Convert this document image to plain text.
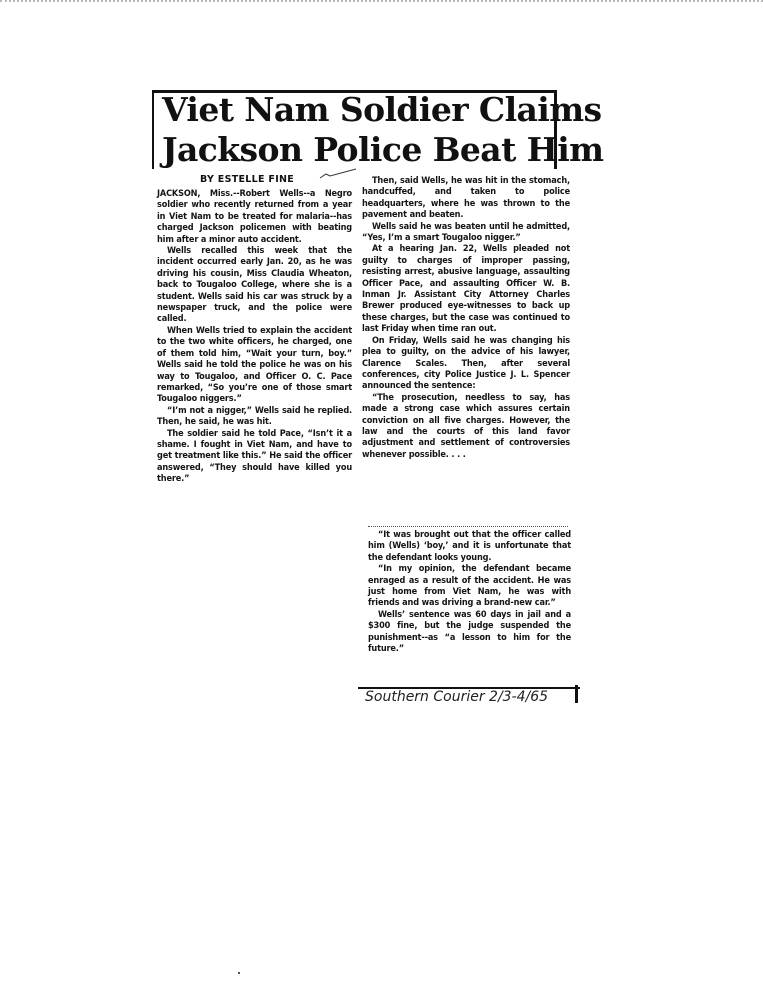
Viet Nam Soldier Claims
Jackson Police Beat Him
BY ESTELLE FINE

JACKSON, Miss.--Robert Wells--a Negro soldier who recently returned from a year in Viet Nam to be treated for malaria--has charged Jackson policemen with beating him after a minor auto accident.

Wells recalled this week that the incident occurred early Jan. 20, as he was driving his cousin, Miss Claudia Wheaton, back to Tougaloo College, where she is a student. Wells said his car was struck by a newspaper truck, and the police were called.

When Wells tried to explain the accident to the two white officers, he charged, one of them told him, “Wait your turn, boy.” Wells said he told the police he was on his way to Tougaloo, and Officer O. C. Pace remarked, “So you’re one of those smart Tougaloo niggers.”

“I’m not a nigger,” Wells said he replied. Then, he said, he was hit.

The soldier said he told Pace, “Isn’t it a shame. I fought in Viet Nam, and have to get treatment like this.” He said the officer answered, “They should have killed you there.”

Then, said Wells, he was hit in the stomach, handcuffed, and taken to police headquarters, where he was thrown to the pavement and beaten.

Wells said he was beaten until he admitted, “Yes, I’m a smart Tougaloo nigger.”

At a hearing Jan. 22, Wells pleaded not guilty to charges of improper passing, resisting arrest, abusive language, assaulting Officer Pace, and assaulting Officer W. B. Inman Jr. Assistant City Attorney Charles Brewer produced eye-witnesses to back up these charges, but the case was continued to last Friday when time ran out.

On Friday, Wells said he was changing his plea to guilty, on the advice of his lawyer, Clarence Scales. Then, after several conferences, city Police Justice J. L. Spencer announced the sentence:

“The prosecution, needless to say, has made a strong case which assures certain conviction on all five charges. However, the law and the courts of this land favor adjustment and settlement of controversies whenever possible. . . .

“It was brought out that the officer called him (Wells) ‘boy,’ and it is unfortunate that the defendant looks young.

“In my opinion, the defendant became enraged as a result of the accident. He was just home from Viet Nam, he was with friends and was driving a brand-new car.”

Wells’ sentence was 60 days in jail and a $300 fine, but the judge suspended the punishment--as “a lesson to him for the future.”

Southern Courier 2/3-4/65
